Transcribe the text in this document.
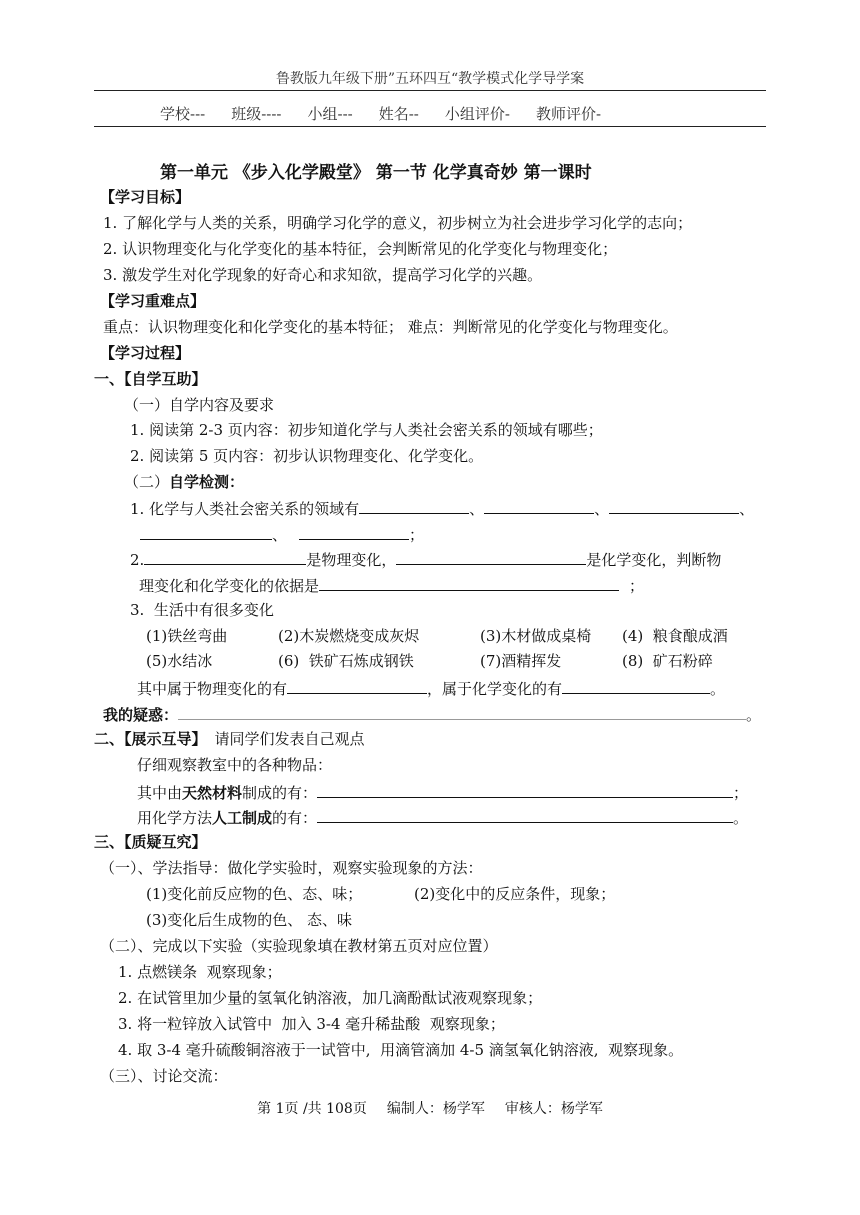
鲁教版九年级下册”五环四互“教学模式化学导学案
学校--- 班级---- 小组--- 姓名-- 小组评价- 教师评价-
第一单元 《步入化学殿堂》 第一节 化学真奇妙 第一课时
【学习目标】
1. 了解化学与人类的关系，明确学习化学的意义，初步树立为社会进步学习化学的志向；
2. 认识物理变化与化学变化的基本特征，会判断常见的化学变化与物理变化；
3. 激发学生对化学现象的好奇心和求知欲，提高学习化学的兴趣。
【学习重难点】
重点：认识物理变化和化学变化的基本特征； 难点：判断常见的化学变化与物理变化。
【学习过程】
一、【自学互助】
（一）自学内容及要求
1. 阅读第 2-3 页内容：初步知道化学与人类社会密关系的领域有哪些；
2. 阅读第 5 页内容：初步认识物理变化、化学变化。
（二）自学检测：
1. 化学与人类社会密关系的领域有	、	、	、
、	；
2.	是物理变化，	是化学变化，判断物
理变化和化学变化的依据是	；
3.  生活中有很多变化
(1)铁丝弯曲	(2)木炭燃烧变成灰烬	(3)木材做成桌椅 (4)  粮食酿成酒
(5)水结冰	(6)  铁矿石炼成钢铁	(7)酒精挥发	(8)  矿石粉碎
其中属于物理变化的有	，属于化学变化的有	。
我的疑惑：	。
二、【展示互导】 请同学们发表自己观点
仔细观察教室中的各种物品：
其中由天然材料制成的有：	；
用化学方法人工制成的有：	。
三、【质疑互究】
（一）、学法指导：做化学实验时，观察实验现象的方法：
(1)变化前反应物的色、态、味；	(2)变化中的反应条件，现象；
(3)变化后生成物的色、 态、味
（二）、完成以下实验（实验现象填在教材第五页对应位置）
1. 点燃镁条  观察现象；
2. 在试管里加少量的氢氧化钠溶液，加几滴酚酞试液观察现象；
3. 将一粒锌放入试管中  加入 3-4 毫升稀盐酸  观察现象；
4. 取 3-4 毫升硫酸铜溶液于一试管中,  用滴管滴加 4-5 滴氢氧化钠溶液,  观察现象。
（三）、讨论交流：
第 1页 /共 108页 编制人：杨学军 审核人：杨学军
